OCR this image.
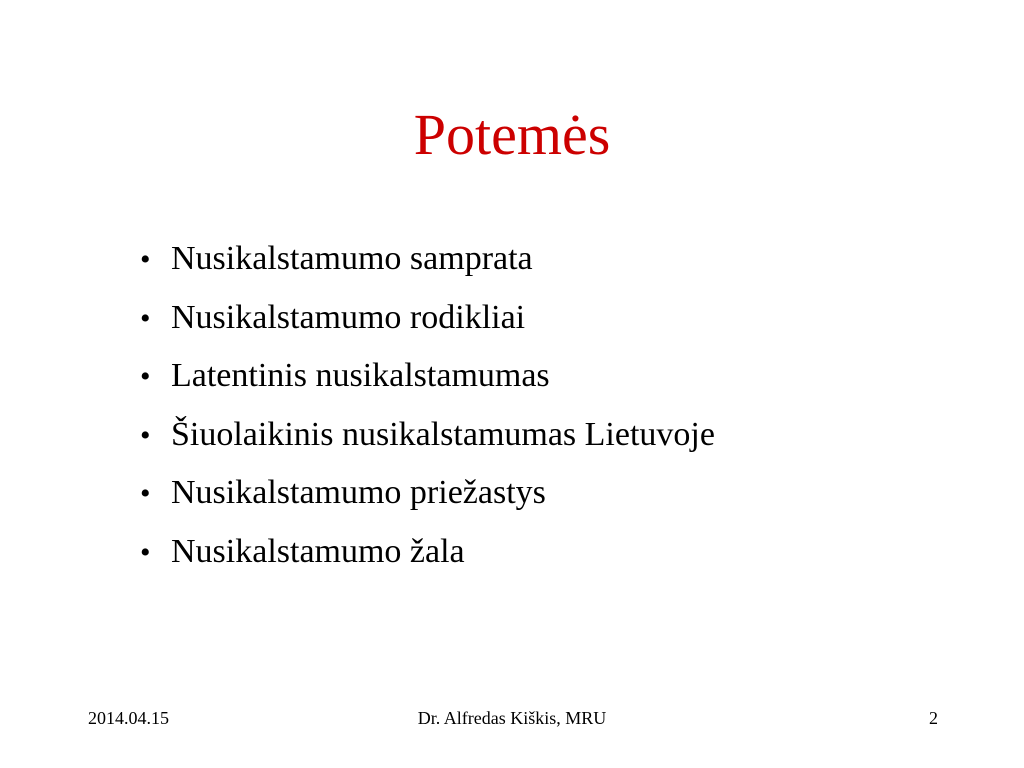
Potemės
• Nusikalstamumo samprata
• Nusikalstamumo rodikliai
• Latentinis nusikalstamumas
• Šiuolaikinis nusikalstamumas Lietuvoje
• Nusikalstamumo priežastys
• Nusikalstamumo žala
2014.04.15	Dr. Alfredas Kiškis, MRU	2
